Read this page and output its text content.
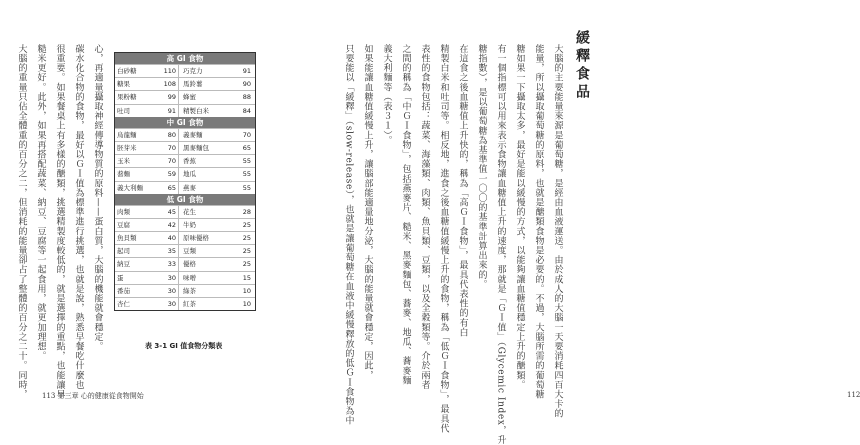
心，再適量攝取神經傳導物質的原料——蛋白質，大腦的機能就會穩定。
碳水化合物的食物，最好以ＧＩ值為標準進行挑選，也就是說，熟悉早餐吃什麼也
很重要。如果餐桌上有多樣的醣類，挑選精製度較低的，就是選擇的重點，也能讓早
糙米更好。此外，如果再搭配蔬菜、納豆、豆腐等一起食用，就更加理想。
大腦的重量只佔全體重的百分之二，但消耗的能量卻占了整體的百分之二十。同時，	高 GI 食物
白砂糖	110	巧克力	91
糖果	108	馬鈴薯	90
果粉糖	99	蜂蜜	88
吐司	91	精製白米	84
中 GI 食物
烏龍麵	80	義麥麵	70
胚芽米	70	黑麥麵包	65
玉米	70	香蕉	55
蕎麵	59	地瓜	55
義大利麵	65	燕麥	55
低 GI 食物
肉類	45	花生	28
豆腐	42	牛奶	25
魚貝類	40	原味優格	25
起司	35	豆類	25
納豆	33	優格	25
蛋	30	味噌	15
番茄	30	綠茶	10
杏仁	30	紅茶	10
表 3-1 GI 值食物分類表
113 第三章 心的健康從食物開始
緩釋食品
大腦的主要能量來源是葡萄糖，是經由血液運送。由於成人的大腦一天要消耗四百大卡的
能量，所以攝取葡萄糖的原料，也就是醣類食物是必要的。不過，大腦所需的葡萄糖
糖如果一下攝取太多，最好是能以緩慢的方式，以能夠讓血糖值穩定上升的醣類。
有一個指標可以用來表示食物讓血糖值上升的速度，那就是「ＧＩ值」（Glycemic Index，升
糖指數），是以葡萄糖為基準值一〇〇的基準計算出來的。
在這食之後血糖值上升快的，稱為「高ＧＩ食物」，最具代表性的有白
精製白米和吐司等。相反地，進食之後血糖值緩慢上升的食物，稱為「低ＧＩ食物」，最具代
表性的食物包括：蔬菜、海藻類、肉類、魚貝類、豆類，以及全穀類等。介於兩者
之間的稱為「中ＧＩ食物」，包括燕麥片、糙米、黑麥麵包、蕎麥、地瓜、蕎麥麵
義大利麵等（表３１）。
如果能讓血糖值緩慢上升，讓腦部能適量地分泌，大腦的能量就會穩定，因此，
只要能以「緩釋」（slow-release），也就是讓葡萄糖在血液中緩慢釋放的低ＧＩ食物為中	112
